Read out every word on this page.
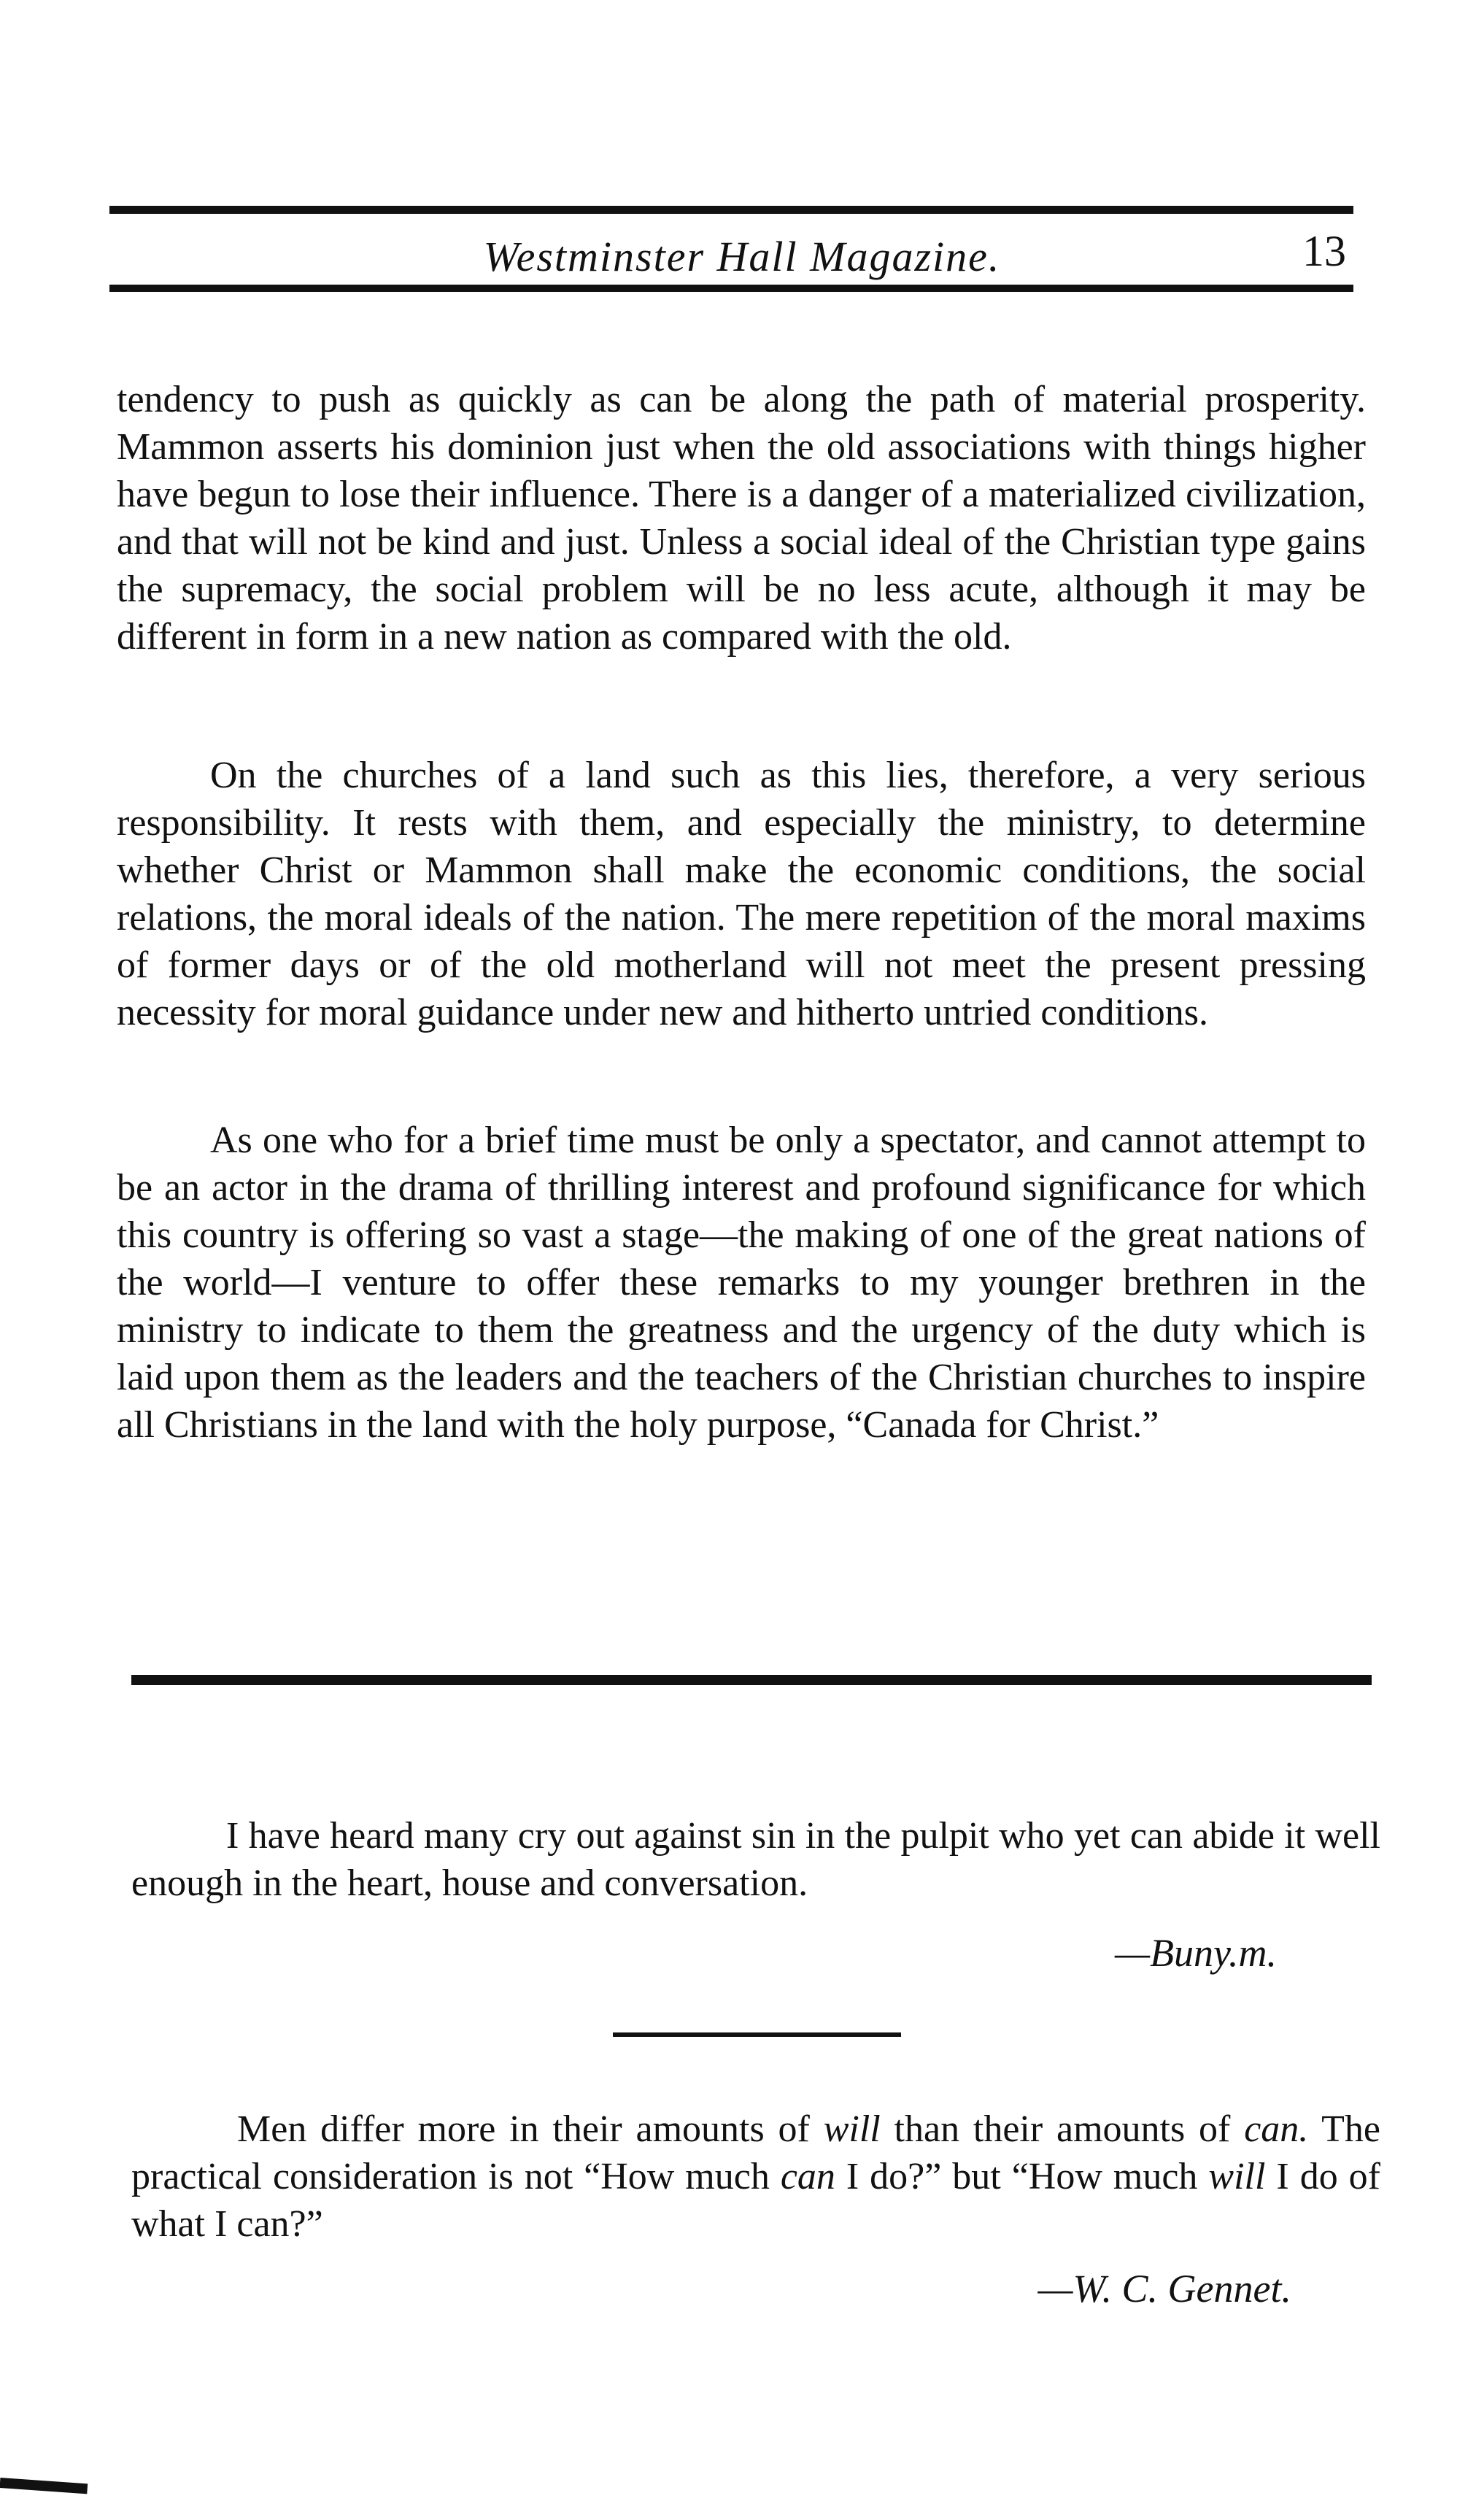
Westminster Hall Magazine.	13

tendency to push as quickly as can be along the path of material prosperity. Mammon asserts his dominion just when the old associations with things higher have begun to lose their influence. There is a danger of a materialized civilization, and that will not be kind and just. Unless a social ideal of the Christian type gains the supremacy, the social problem will be no less acute, although it may be different in form in a new nation as compared with the old.

On the churches of a land such as this lies, therefore, a very serious responsibility. It rests with them, and especially the ministry, to determine whether Christ or Mammon shall make the economic conditions, the social relations, the moral ideals of the nation. The mere repetition of the moral maxims of former days or of the old motherland will not meet the present pressing necessity for moral guidance under new and hitherto untried conditions.

As one who for a brief time must be only a spectator, and cannot attempt to be an actor in the drama of thrilling interest and profound significance for which this country is offering so vast a stage—the making of one of the great nations of the world—I venture to offer these remarks to my younger brethren in the ministry to indicate to them the greatness and the urgency of the duty which is laid upon them as the leaders and the teachers of the Christian churches to inspire all Christians in the land with the holy purpose, “Canada for Christ.”

I have heard many cry out against sin in the pulpit who yet can abide it well enough in the heart, house and conversation.

—Buny.m.

Men differ more in their amounts of will than their amounts of can. The practical consideration is not “How much can I do?” but “How much will I do of what I can?”

—W. C. Gennet.
